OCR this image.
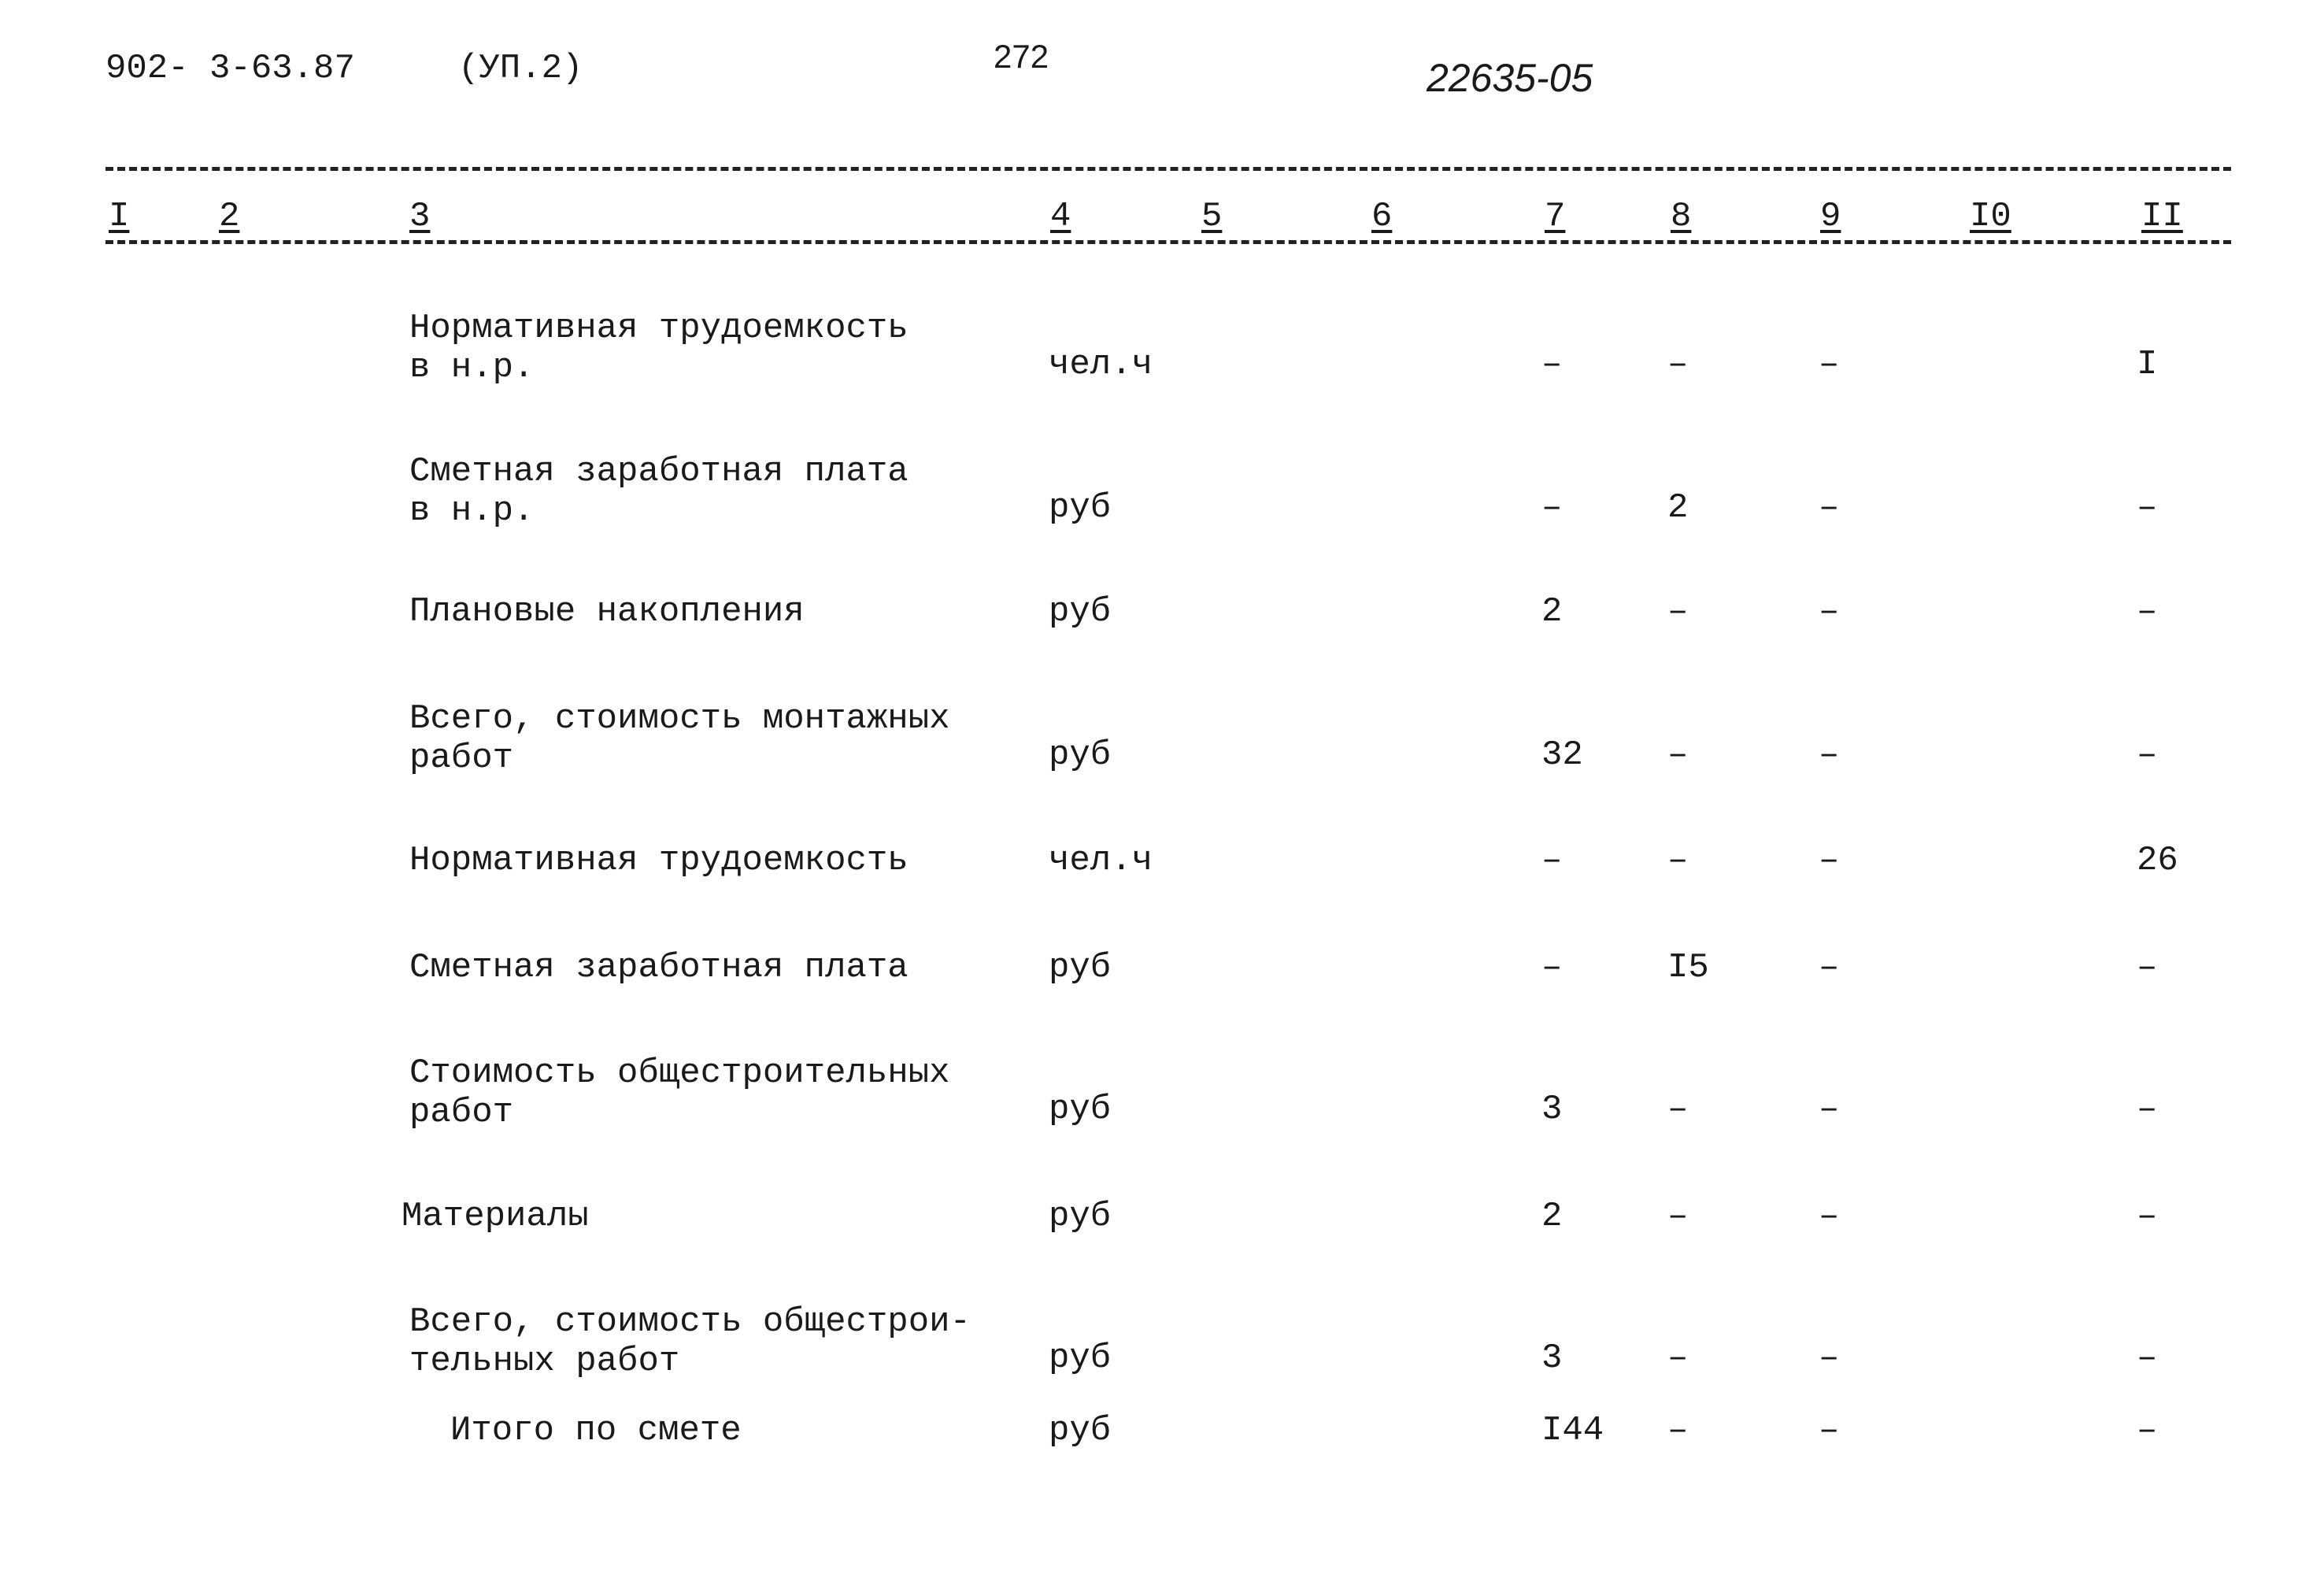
902- 3-63.87	(УП.2)	272	22635-05
I	2	3	4	5	6	7	8	9	I0	II
Нормативная трудоемкость
в н.р.	чел.ч	–	–	–	I
Сметная заработная плата
в н.р.	руб	–	2	–	–
Плановые накопления	руб	2	–	–	–
Всего, стоимость монтажных
работ	руб	32 –	–	–
Нормативная трудоемкость	чел.ч	–	–	–	26
Сметная заработная плата	руб	–	I5	–	–
Стоимость общестроительных
работ	руб	3	–	–	–
Материалы	руб	2	–	–	–
Всего, стоимость общестрои-
тельных работ	руб	3	–	–	–
Итого по смете	руб	I44 –	–	–
